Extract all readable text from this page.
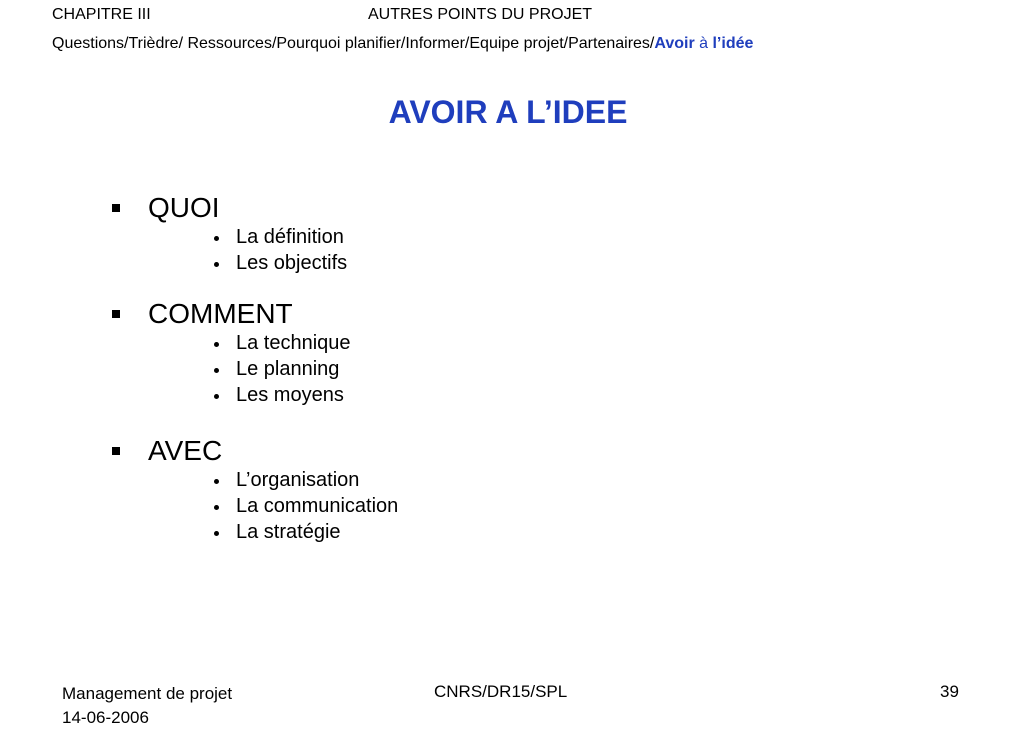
CHAPITRE III	AUTRES POINTS DU PROJET
Questions/Trièdre/ Ressources/Pourquoi planifier/Informer/Equipe projet/Partenaires/Avoir à l’idée
AVOIR A L’IDEE
QUOI
La définition
Les objectifs
COMMENT
La technique
Le planning
Les moyens
AVEC
L’organisation
La communication
La stratégie
Management de projet
14-06-2006
CNRS/DR15/SPL	39
